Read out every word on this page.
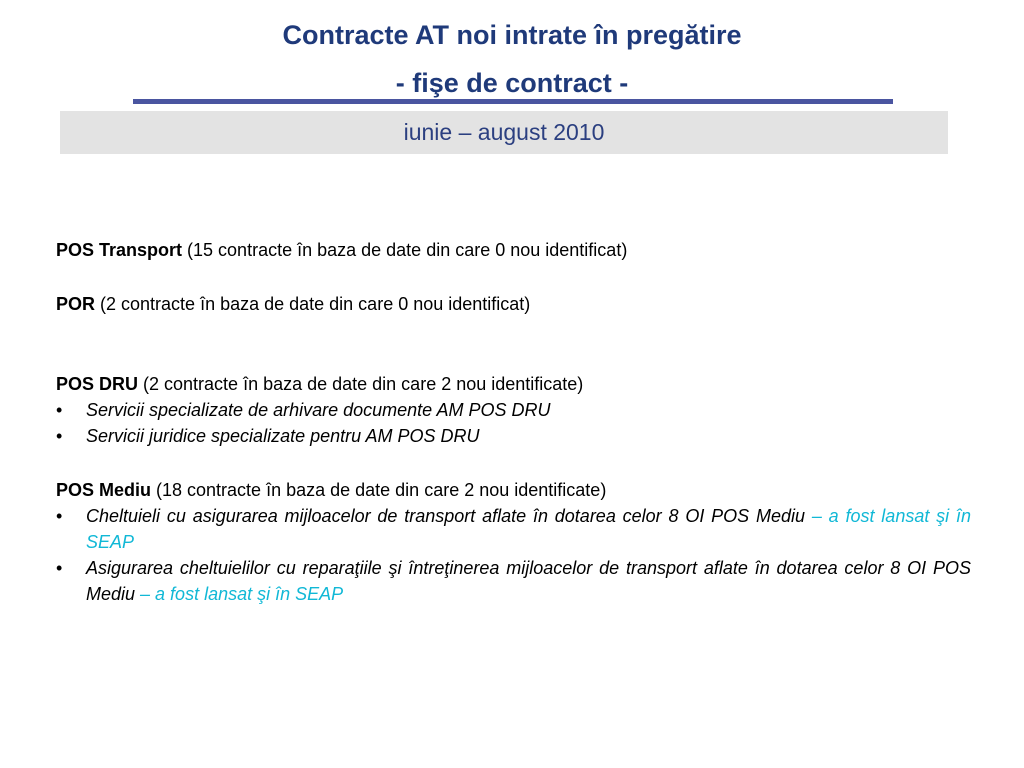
Contracte AT noi intrate în pregătire
- fişe de contract -
iunie – august 2010

POS Transport (15 contracte în baza de date din care 0 nou identificat)

POR (2 contracte în baza de date din care 0 nou identificat)

POS DRU (2 contracte în baza de date din care 2 nou identificate)

• Servicii specializate de arhivare documente AM POS DRU
• Servicii juridice specializate pentru AM POS DRU

POS Mediu (18 contracte în baza de date din care 2 nou identificate)

• Cheltuieli cu asigurarea mijloacelor de transport aflate în dotarea celor 8 OI POS Mediu – a fost lansat şi în SEAP
• Asigurarea cheltuielilor cu reparaţiile şi întreţinerea mijloacelor de transport aflate în dotarea celor 8 OI POS Mediu – a fost lansat şi în SEAP
